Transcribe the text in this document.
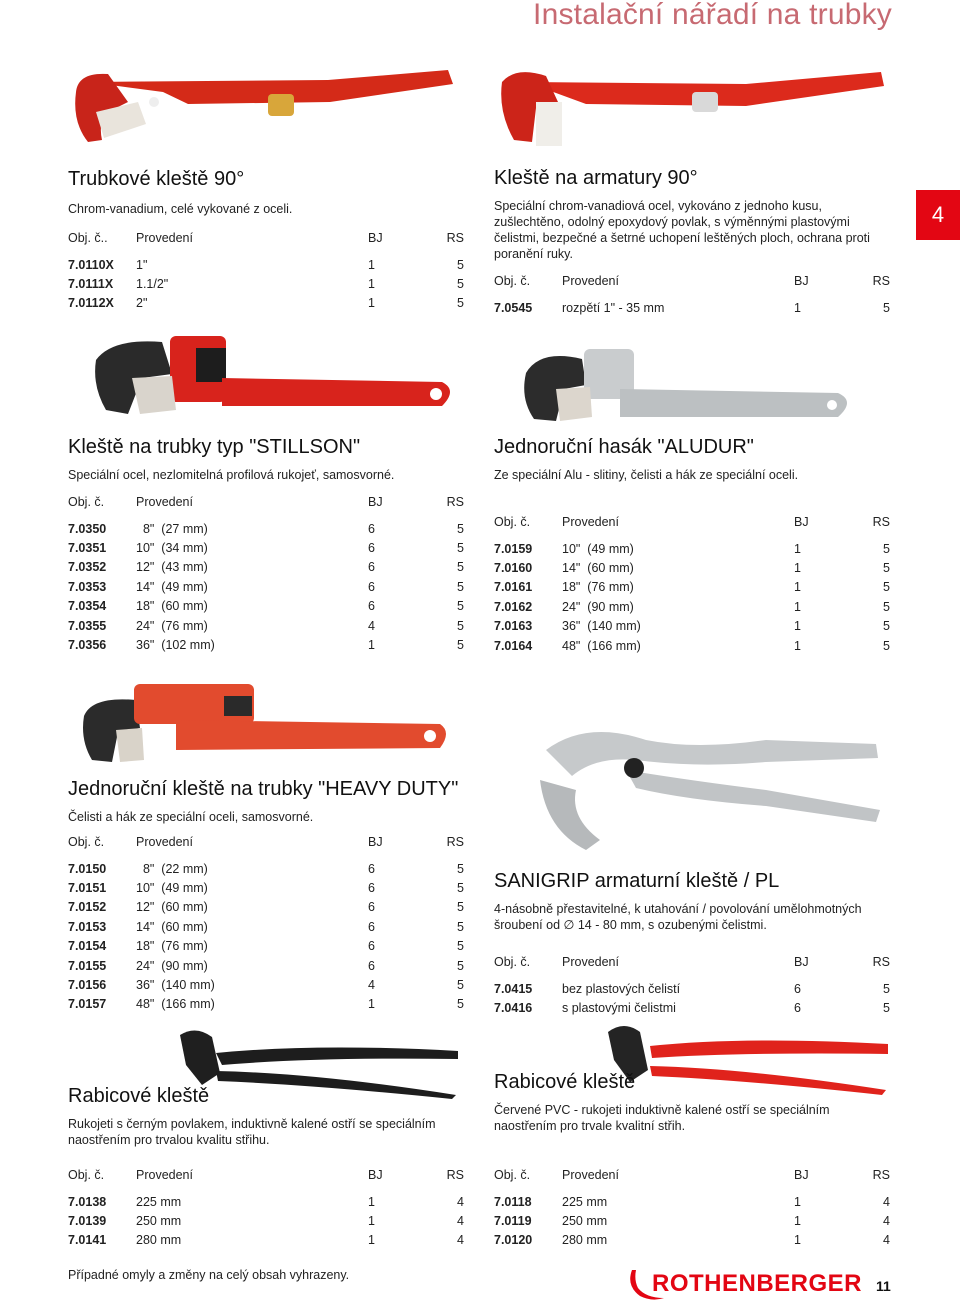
Instalační nářadí na trubky
4
Trubkové kleště 90°
Chrom-vanadium, celé vykované z oceli.
Obj. č..	Provedení	BJ	RS
7.0110X	1"	1	5
7.0111X	1.1/2"	1	5
7.0112X	2"	1	5
Kleště na armatury 90°
Speciální chrom-vanadiová ocel, vykováno z jednoho kusu, zušlechtěno, odolný epoxydový povlak, s výměnnými plastovými čelistmi, bezpečné a šetrné uchopení leštěných ploch, ochrana proti poranění ruky.
Obj. č.	Provedení	BJ	RS
7.0545	rozpětí 1" - 35 mm	1	5
Kleště na trubky typ "STILLSON"
Speciální ocel, nezlomitelná profilová rukojeť, samosvorné.
Obj. č.	Provedení	BJ	RS
7.0350	8"  (27 mm)	6	5
7.0351	10"  (34 mm)	6	5
7.0352	12"  (43 mm)	6	5
7.0353	14"  (49 mm)	6	5
7.0354	18"  (60 mm)	6	5
7.0355	24"  (76 mm)	4	5
7.0356	36"  (102 mm)	1	5
Jednoruční hasák "ALUDUR"
Ze speciální Alu - slitiny, čelisti a hák ze speciální oceli.
Obj. č.	Provedení	BJ	RS
7.0159	10"  (49 mm)	1	5
7.0160	14"  (60 mm)	1	5
7.0161	18"  (76 mm)	1	5
7.0162	24"  (90 mm)	1	5
7.0163	36"  (140 mm)	1	5
7.0164	48"  (166 mm)	1	5
Jednoruční kleště na trubky "HEAVY DUTY"
Čelisti a hák ze speciální oceli, samosvorné.
Obj. č.	Provedení	BJ	RS
7.0150	8"  (22 mm)	6	5
7.0151	10"  (49 mm)	6	5
7.0152	12"  (60 mm)	6	5
7.0153	14"  (60 mm)	6	5
7.0154	18"  (76 mm)	6	5
7.0155	24"  (90 mm)	6	5
7.0156	36"  (140 mm)	4	5
7.0157	48"  (166 mm)	1	5
SANIGRIP armaturní kleště / PL
4-násobně přestavitelné, k utahování / povolování umělohmotných šroubení od ∅ 14 - 80 mm, s ozubenými čelistmi.
Obj. č.	Provedení	BJ	RS
7.0415	bez plastových čelistí	6	5
7.0416	s plastovými čelistmi	6	5
Rabicové kleště
Rukojeti s černým povlakem, induktivně kalené ostří se speciálním naostřením pro trvalou kvalitu střihu.
Obj. č.	Provedení	BJ	RS
7.0138	225 mm	1	4
7.0139	250 mm	1	4
7.0141	280 mm	1	4
Rabicové kleště
Červené PVC - rukojeti induktivně kalené ostří se speciálním naostřením pro trvale kvalitní střih.
Obj. č.	Provedení	BJ	RS
7.0118	225 mm	1	4
7.0119	250 mm	1	4
7.0120	280 mm	1	4
Případné omyly a změny na celý obsah vyhrazeny.	ROTHENBERGER 11
